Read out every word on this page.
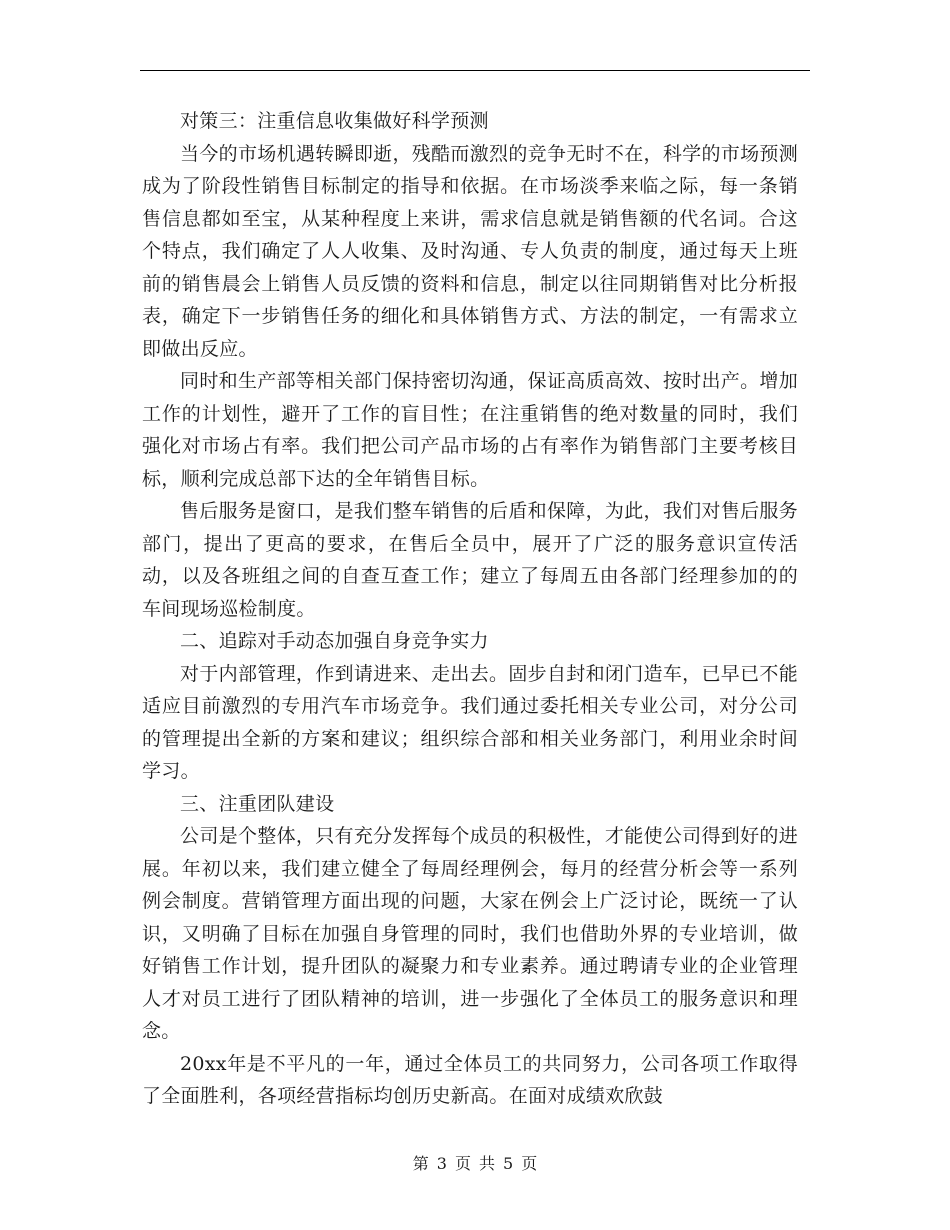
对策三：注重信息收集做好科学预测

当今的市场机遇转瞬即逝，残酷而激烈的竞争无时不在，科学的市场预测成为了阶段性销售目标制定的指导和依据。在市场淡季来临之际，每一条销售信息都如至宝，从某种程度上来讲，需求信息就是销售额的代名词。合这个特点，我们确定了人人收集、及时沟通、专人负责的制度，通过每天上班前的销售晨会上销售人员反馈的资料和信息，制定以往同期销售对比分析报表，确定下一步销售任务的细化和具体销售方式、方法的制定，一有需求立即做出反应。

同时和生产部等相关部门保持密切沟通，保证高质高效、按时出产。增加工作的计划性，避开了工作的盲目性；在注重销售的绝对数量的同时，我们强化对市场占有率。我们把公司产品市场的占有率作为销售部门主要考核目标，顺利完成总部下达的全年销售目标。

售后服务是窗口，是我们整车销售的后盾和保障，为此，我们对售后服务部门，提出了更高的要求，在售后全员中，展开了广泛的服务意识宣传活动，以及各班组之间的自查互查工作；建立了每周五由各部门经理参加的的车间现场巡检制度。

二、追踪对手动态加强自身竞争实力

对于内部管理，作到请进来、走出去。固步自封和闭门造车，已早已不能适应目前激烈的专用汽车市场竞争。我们通过委托相关专业公司，对分公司的管理提出全新的方案和建议；组织综合部和相关业务部门，利用业余时间学习。

三、注重团队建设

公司是个整体，只有充分发挥每个成员的积极性，才能使公司得到好的进展。年初以来，我们建立健全了每周经理例会，每月的经营分析会等一系列例会制度。营销管理方面出现的问题，大家在例会上广泛讨论，既统一了认识，又明确了目标在加强自身管理的同时，我们也借助外界的专业培训，做好销售工作计划，提升团队的凝聚力和专业素养。通过聘请专业的企业管理人才对员工进行了团队精神的培训，进一步强化了全体员工的服务意识和理念。

20xx年是不平凡的一年，通过全体员工的共同努力，公司各项工作取得了全面胜利，各项经营指标均创历史新高。在面对成绩欢欣鼓

第 3 页 共 5 页
